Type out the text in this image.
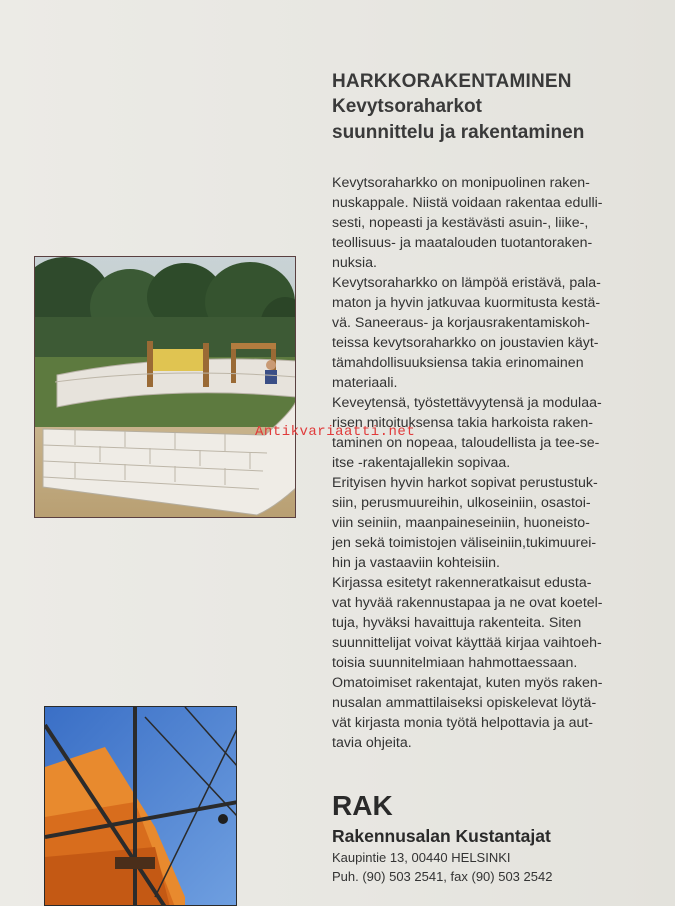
HARKKORAKENTAMINEN
Kevytsoraharkot
suunnittelu ja rakentaminen

Kevytsoraharkko on monipuolinen raken-

nuskappale. Niistä voidaan rakentaa edulli-

sesti, nopeasti ja kestävästi asuin-, liike-,

teollisuus- ja maatalouden tuotantoraken-

nuksia.

Kevytsoraharkko on lämpöä eristävä, pala-

maton ja hyvin jatkuvaa kuormitusta kestä-

vä. Saneeraus- ja korjausrakentamiskoh-

teissa kevytsoraharkko on joustavien käyt-

tämahdollisuuksiensa takia erinomainen

materiaali.

Keveytensä, työstettävyytensä ja modulaa-

risen mitoituksensa takia harkoista raken-

taminen on nopeaa, taloudellista ja tee-se-

itse -rakentajallekin sopivaa.

Erityisen hyvin harkot sopivat perustustuk-

siin, perusmuureihin, ulkoseiniin, osastoi-

viin seiniin, maanpaineseiniin, huoneisto-

jen sekä toimistojen väliseiniin,tukimuurei-

hin ja vastaaviin kohteisiin.

Kirjassa esitetyt rakenneratkaisut edusta-

vat hyvää rakennustapaa ja ne ovat koetel-

tuja, hyväksi havaittuja rakenteita. Siten

suunnittelijat voivat käyttää kirjaa vaihtoeh-

toisia suunnitelmiaan hahmottaessaan.

Omatoimiset rakentajat, kuten myös raken-

nusalan ammattilaiseksi opiskelevat löytä-

vät kirjasta monia työtä helpottavia ja aut-

tavia ohjeita.

Antikvariaatti.net
RAK
Rakennusalan Kustantajat
Kaupintie 13, 00440 HELSINKI
Puh. (90) 503 2541, fax (90) 503 2542
